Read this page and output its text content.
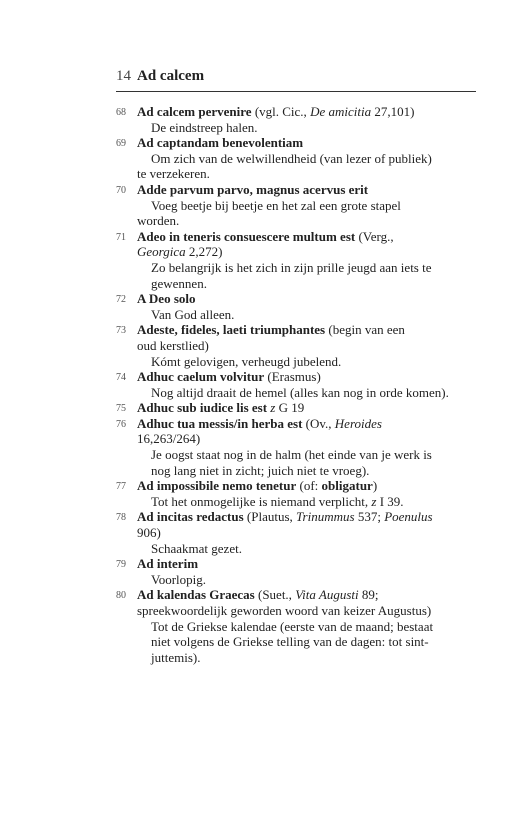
14 Ad calcem
68 Ad calcem pervenire (vgl. Cic., De amicitia 27,101)
De eindstreep halen.
69 Ad captandam benevolentiam
Om zich van de welwillendheid (van lezer of publiek)
te verzekeren.
70 Adde parvum parvo, magnus acervus erit
Voeg beetje bij beetje en het zal een grote stapel
worden.
71 Adeo in teneris consuescere multum est (Verg.,
Georgica 2,272)
Zo belangrijk is het zich in zijn prille jeugd aan iets te
gewennen.
72 A Deo solo
Van God alleen.
73 Adeste, fideles, laeti triumphantes (begin van een
oud kerstlied)
Kómt gelovigen, verheugd jubelend.
74 Adhuc caelum volvitur (Erasmus)
Nog altijd draait de hemel (alles kan nog in orde komen).
75 Adhuc sub iudice lis est z G 19
76 Adhuc tua messis/in herba est (Ov., Heroides
16,263/264)
Je oogst staat nog in de halm (het einde van je werk is
nog lang niet in zicht; juich niet te vroeg).
77 Ad impossibile nemo tenetur (of: obligatur)
Tot het onmogelijke is niemand verplicht, z I 39.
78 Ad incitas redactus (Plautus, Trinummus 537; Poenulus
906)
Schaakmat gezet.
79 Ad interim
Voorlopig.
80 Ad kalendas Graecas (Suet., Vita Augusti 89;
spreekwoordelijk geworden woord van keizer Augustus)
Tot de Griekse kalendae (eerste van de maand; bestaat
niet volgens de Griekse telling van de dagen: tot sint-
juttemis).
